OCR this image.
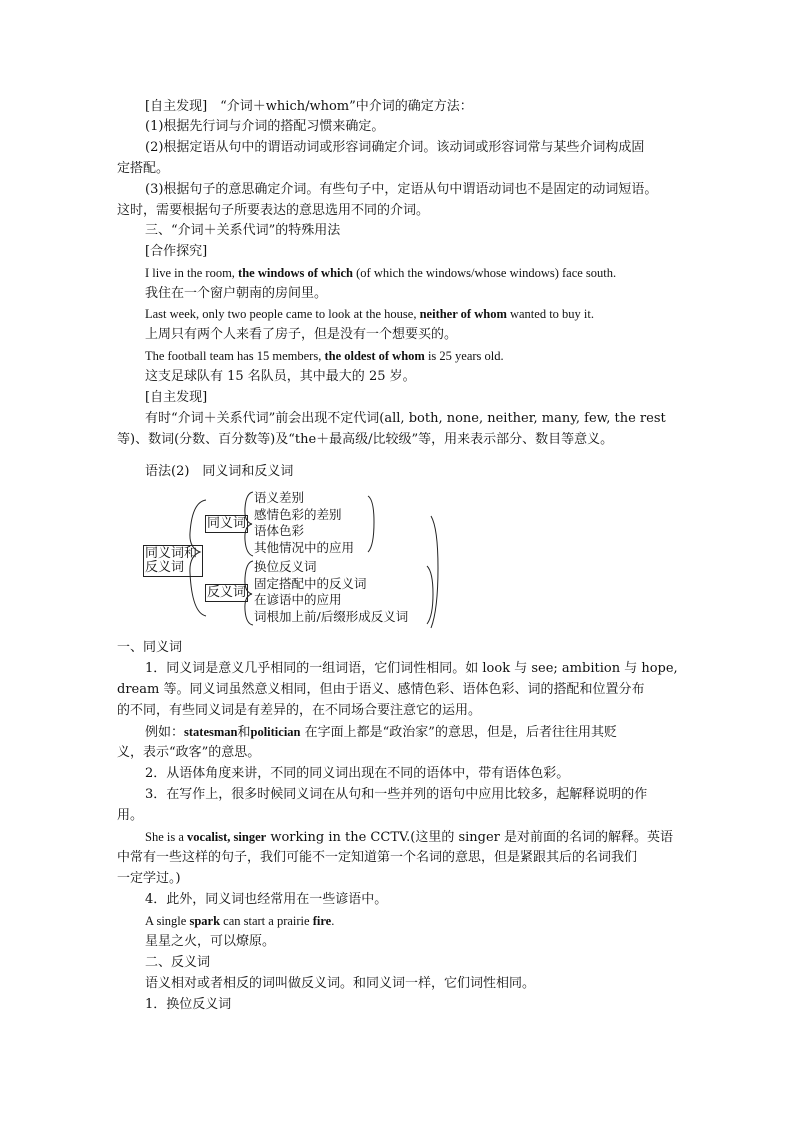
[自主发现]　“介词＋which/whom”中介词的确定方法：
(1)根据先行词与介词的搭配习惯来确定。
(2)根据定语从句中的谓语动词或形容词确定介词。该动词或形容词常与某些介词构成固
定搭配。
(3)根据句子的意思确定介词。有些句子中，定语从句中谓语动词也不是固定的动词短语。
这时，需要根据句子所要表达的意思选用不同的介词。
三、“介词＋关系代词”的特殊用法
[合作探究]
I live in the room, the windows of which (of which the windows/whose windows) face south.
我住在一个窗户朝南的房间里。
Last week, only two people came to look at the house, neither of whom wanted to buy it.
上周只有两个人来看了房子，但是没有一个想要买的。
The football team has 15 members, the oldest of whom is 25 years old.
这支足球队有 15 名队员，其中最大的 25 岁。
[自主发现]
有时“介词＋关系代词”前会出现不定代词(all, both, none, neither, many, few, the rest
等)、数词(分数、百分数等)及“the＋最高级/比较级”等，用来表示部分、数目等意义。
语法(2)　同义词和反义词
同义词和反义词
同义词
反义词
语义差别
感情色彩的差别
语体色彩
其他情况中的应用
换位反义词
固定搭配中的反义词
在谚语中的应用
词根加上前/后缀形成反义词
一、同义词
1．同义词是意义几乎相同的一组词语，它们词性相同。如 look 与 see; ambition 与 hope,
dream 等。同义词虽然意义相同，但由于语义、感情色彩、语体色彩、词的搭配和位置分布
的不同，有些同义词是有差异的，在不同场合要注意它的运用。
例如：statesman和politician 在字面上都是“政治家”的意思，但是，后者往往用其贬
义，表示“政客”的意思。
2．从语体角度来讲，不同的同义词出现在不同的语体中，带有语体色彩。
3．在写作上，很多时候同义词在从句和一些并列的语句中应用比较多，起解释说明的作
用。
She is a vocalist, singer working in the CCTV.(这里的 singer 是对前面的名词的解释。英语
中常有一些这样的句子，我们可能不一定知道第一个名词的意思，但是紧跟其后的名词我们
一定学过。)
4．此外，同义词也经常用在一些谚语中。
A single spark can start a prairie fire.
星星之火，可以燎原。
二、反义词
语义相对或者相反的词叫做反义词。和同义词一样，它们词性相同。
1．换位反义词
